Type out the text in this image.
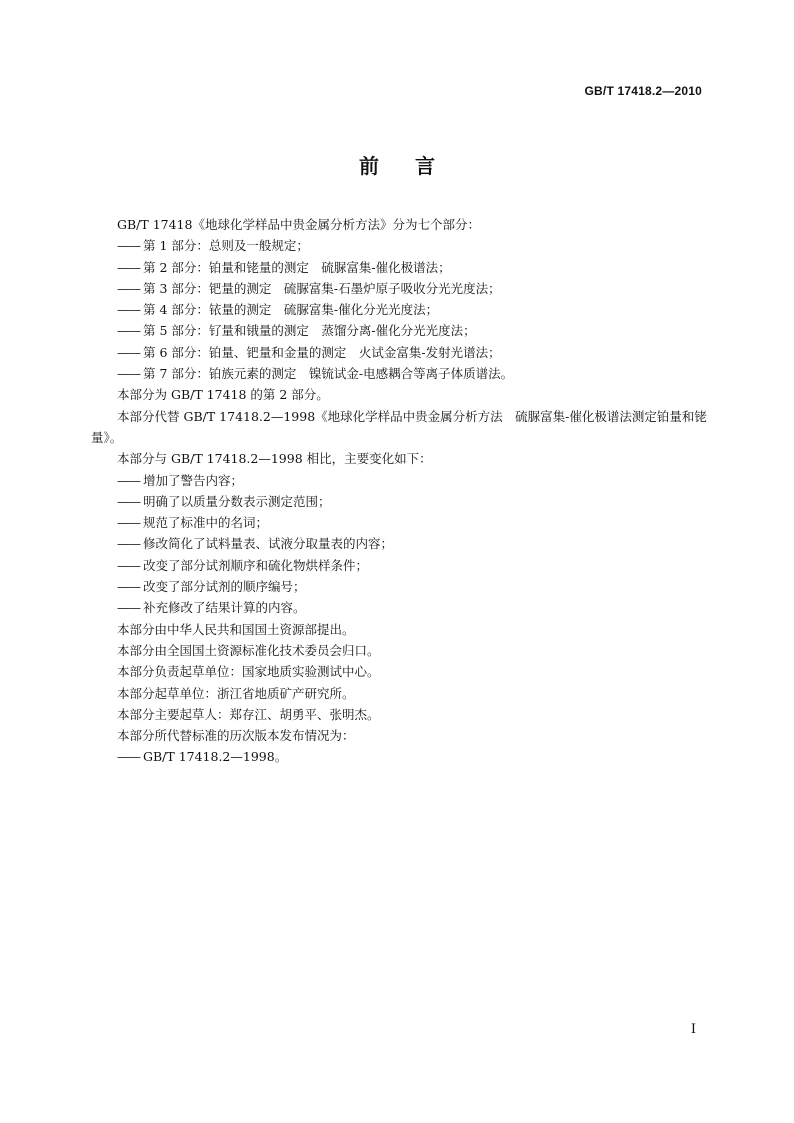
GB/T 17418.2—2010
前言

GB/T 17418《地球化学样品中贵金属分析方法》分为七个部分：

—— 第 1 部分：总则及一般规定；

—— 第 2 部分：铂量和铑量的测定　硫脲富集-催化极谱法；

—— 第 3 部分：钯量的测定　硫脲富集-石墨炉原子吸收分光光度法；

—— 第 4 部分：铱量的测定　硫脲富集-催化分光光度法；

—— 第 5 部分：钌量和锇量的测定　蒸馏分离-催化分光光度法；

—— 第 6 部分：铂量、钯量和金量的测定　火试金富集-发射光谱法；

—— 第 7 部分：铂族元素的测定　镍锍试金-电感耦合等离子体质谱法。

本部分为 GB/T 17418 的第 2 部分。

本部分代替 GB/T 17418.2—1998《地球化学样品中贵金属分析方法　硫脲富集-催化极谱法测定铂量和铑量》。

本部分与 GB/T 17418.2—1998 相比，主要变化如下：

—— 增加了警告内容；

—— 明确了以质量分数表示测定范围；

—— 规范了标准中的名词；

—— 修改简化了试料量表、试液分取量表的内容；

—— 改变了部分试剂顺序和硫化物烘样条件；

—— 改变了部分试剂的顺序编号；

—— 补充修改了结果计算的内容。

本部分由中华人民共和国国土资源部提出。

本部分由全国国土资源标准化技术委员会归口。

本部分负责起草单位：国家地质实验测试中心。

本部分起草单位：浙江省地质矿产研究所。

本部分主要起草人：郑存江、胡勇平、张明杰。

本部分所代替标准的历次版本发布情况为：

—— GB/T 17418.2—1998。

I
